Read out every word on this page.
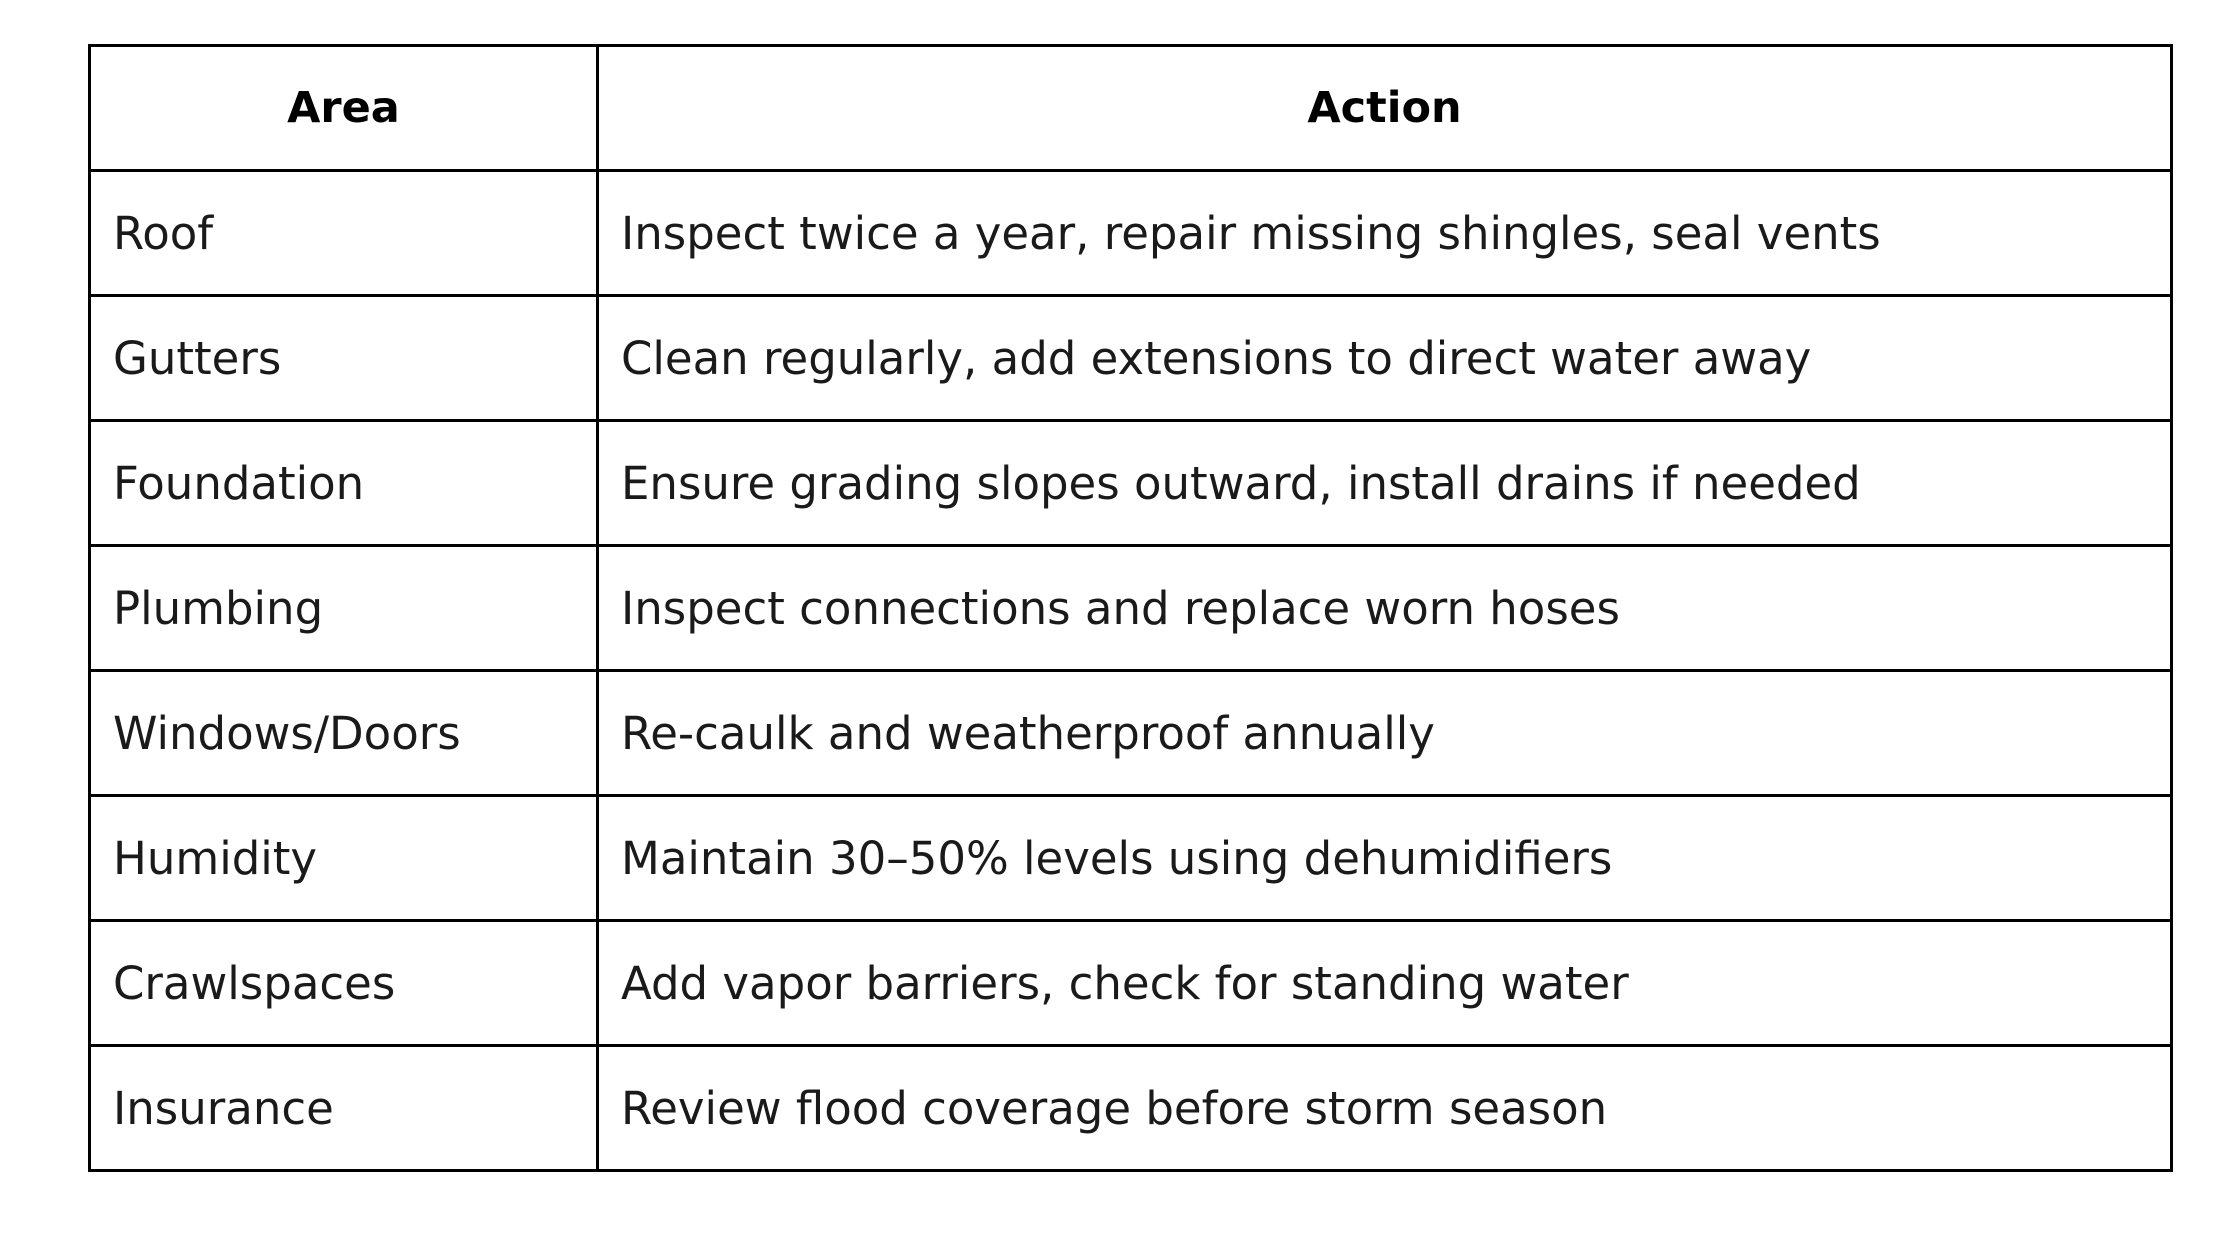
Area	Action
Roof	Inspect twice a year, repair missing shingles, seal vents
Gutters	Clean regularly, add extensions to direct water away
Foundation	Ensure grading slopes outward, install drains if needed
Plumbing	Inspect connections and replace worn hoses
Windows/Doors	Re-caulk and weatherproof annually
Humidity	Maintain 30–50% levels using dehumidifiers
Crawlspaces	Add vapor barriers, check for standing water
Insurance	Review flood coverage before storm season
